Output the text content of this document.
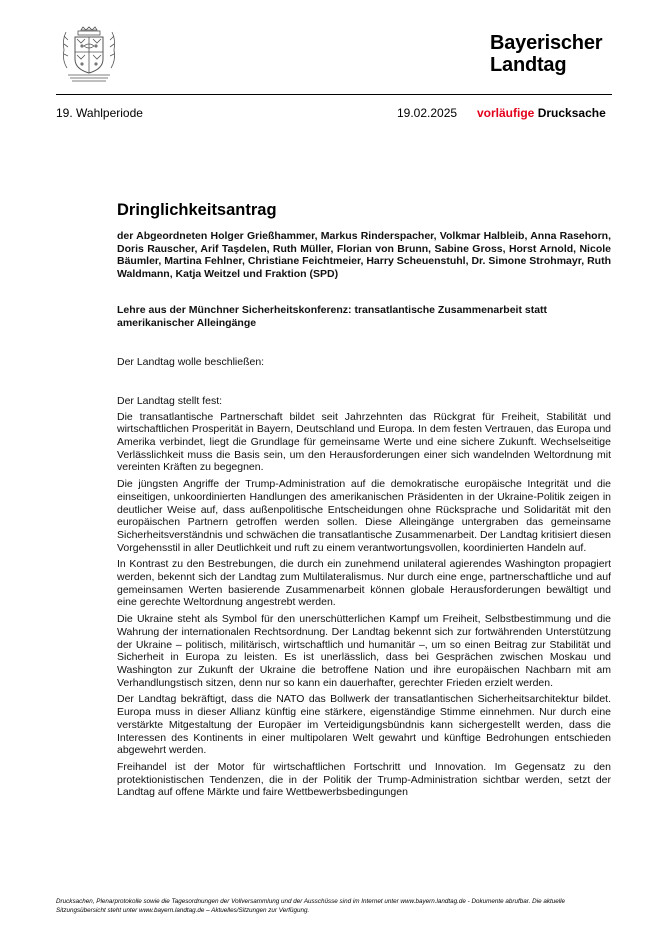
Bayerischer
Landtag
19. Wahlperiode	19.02.2025 vorläufige Drucksache
Dringlichkeitsantrag

der Abgeordneten Holger Grießhammer, Markus Rinderspacher, Volkmar Halbleib, Anna Rasehorn, Doris Rauscher, Arif Taşdelen, Ruth Müller, Florian von Brunn, Sabine Gross, Horst Arnold, Nicole Bäumler, Martina Fehlner, Christiane Feichtmeier, Harry Scheuenstuhl, Dr. Simone Strohmayr, Ruth Waldmann, Katja Weitzel und Fraktion (SPD)

Lehre aus der Münchner Sicherheitskonferenz: transatlantische Zusammenarbeit statt amerikanischer Alleingänge

Der Landtag wolle beschließen:

Der Landtag stellt fest:

Die transatlantische Partnerschaft bildet seit Jahrzehnten das Rückgrat für Freiheit, Stabilität und wirtschaftlichen Prosperität in Bayern, Deutschland und Europa. In dem festen Vertrauen, das Europa und Amerika verbindet, liegt die Grundlage für gemeinsame Werte und eine sichere Zukunft. Wechselseitige Verlässlichkeit muss die Basis sein, um den Herausforderungen einer sich wandelnden Weltordnung mit vereinten Kräften zu begegnen.

Die jüngsten Angriffe der Trump-Administration auf die demokratische europäische Integrität und die einseitigen, unkoordinierten Handlungen des amerikanischen Präsidenten in der Ukraine-Politik zeigen in deutlicher Weise auf, dass außenpolitische Entscheidungen ohne Rücksprache und Solidarität mit den europäischen Partnern getroffen werden sollen. Diese Alleingänge untergraben das gemeinsame Sicherheitsverständnis und schwächen die transatlantische Zusammenarbeit. Der Landtag kritisiert diesen Vorgehensstil in aller Deutlichkeit und ruft zu einem verantwortungsvollen, koordinierten Handeln auf.

In Kontrast zu den Bestrebungen, die durch ein zunehmend unilateral agierendes Washington propagiert werden, bekennt sich der Landtag zum Multilateralismus. Nur durch eine enge, partnerschaftliche und auf gemeinsamen Werten basierende Zusammenarbeit können globale Herausforderungen bewältigt und eine gerechte Weltordnung angestrebt werden.

Die Ukraine steht als Symbol für den unerschütterlichen Kampf um Freiheit, Selbstbestimmung und die Wahrung der internationalen Rechtsordnung. Der Landtag bekennt sich zur fortwährenden Unterstützung der Ukraine – politisch, militärisch, wirtschaftlich und humanitär –, um so einen Beitrag zur Stabilität und Sicherheit in Europa zu leisten. Es ist unerlässlich, dass bei Gesprächen zwischen Moskau und Washington zur Zukunft der Ukraine die betroffene Nation und ihre europäischen Nachbarn mit am Verhandlungstisch sitzen, denn nur so kann ein dauerhafter, gerechter Frieden erzielt werden.

Der Landtag bekräftigt, dass die NATO das Bollwerk der transatlantischen Sicherheitsarchitektur bildet. Europa muss in dieser Allianz künftig eine stärkere, eigenständige Stimme einnehmen. Nur durch eine verstärkte Mitgestaltung der Europäer im Verteidigungsbündnis kann sichergestellt werden, dass die Interessen des Kontinents in einer multipolaren Welt gewahrt und künftige Bedrohungen entschieden abgewehrt werden.

Freihandel ist der Motor für wirtschaftlichen Fortschritt und Innovation. Im Gegensatz zu den protektionistischen Tendenzen, die in der Politik der Trump-Administration sichtbar werden, setzt der Landtag auf offene Märkte und faire Wettbewerbsbedingungen

Drucksachen, Plenarprotokolle sowie die Tagesordnungen der Vollversammlung und der Ausschüsse sind im Internet unter www.bayern.landtag.de - Dokumente abrufbar. Die aktuelle Sitzungsübersicht steht unter www.bayern.landtag.de – Aktuelles/Sitzungen zur Verfügung.
